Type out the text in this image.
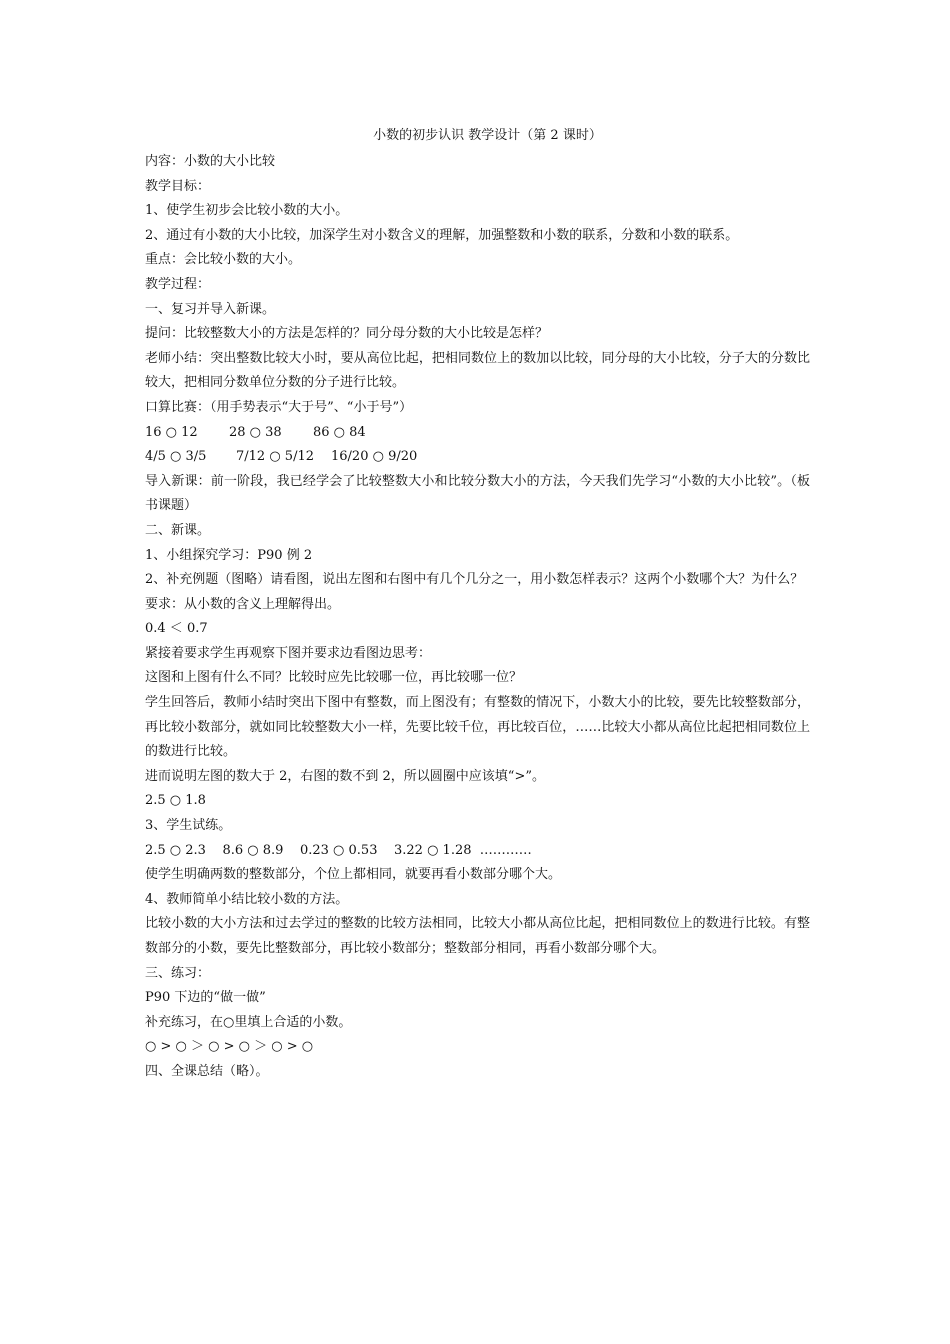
小数的初步认识 教学设计（第 2 课时）

内容：小数的大小比较

教学目标：

1、使学生初步会比较小数的大小。

2、通过有小数的大小比较，加深学生对小数含义的理解，加强整数和小数的联系，分数和小数的联系。

重点：会比较小数的大小。

教学过程：

一、复习并导入新课。

提问：比较整数大小的方法是怎样的？同分母分数的大小比较是怎样？

老师小结：突出整数比较大小时，要从高位比起，把相同数位上的数加以比较，同分母的大小比较，分子大的分数比较大，把相同分数单位分数的分子进行比较。

口算比赛：（用手势表示“大于号”、“小于号”）

16 ○ 12 28 ○ 38 86 ○ 84

4/5 ○ 3/5 7/12 ○ 5/12 16/20 ○ 9/20

导入新课：前一阶段，我已经学会了比较整数大小和比较分数大小的方法，今天我们先学习“小数的大小比较”。（板书课题）

二、新课。

1、小组探究学习：P90 例 2

2、补充例题（图略）请看图，说出左图和右图中有几个几分之一，用小数怎样表示？这两个小数哪个大？为什么？

要求：从小数的含义上理解得出。

0.4 ＜ 0.7

紧接着要求学生再观察下图并要求边看图边思考：

这图和上图有什么不同？比较时应先比较哪一位，再比较哪一位？

学生回答后，教师小结时突出下图中有整数，而上图没有；有整数的情况下，小数大小的比较，要先比较整数部分，再比较小数部分，就如同比较整数大小一样，先要比较千位，再比较百位，……比较大小都从高位比起把相同数位上的数进行比较。

进而说明左图的数大于 2，右图的数不到 2，所以圆圈中应该填“>”。

2.5 ○ 1.8

3、学生试练。

2.5 ○ 2.3    8.6 ○ 8.9    0.23 ○ 0.53    3.22 ○ 1.28  …………

使学生明确两数的整数部分，个位上都相同，就要再看小数部分哪个大。

4、教师简单小结比较小数的方法。

比较小数的大小方法和过去学过的整数的比较方法相同，比较大小都从高位比起，把相同数位上的数进行比较。有整数部分的小数，要先比整数部分，再比较小数部分；整数部分相同，再看小数部分哪个大。

三、练习：

P90 下边的“做一做”

补充练习，在○里填上合适的小数。

○ > ○ ＞ ○ > ○ ＞ ○ > ○

四、全课总结（略）。
